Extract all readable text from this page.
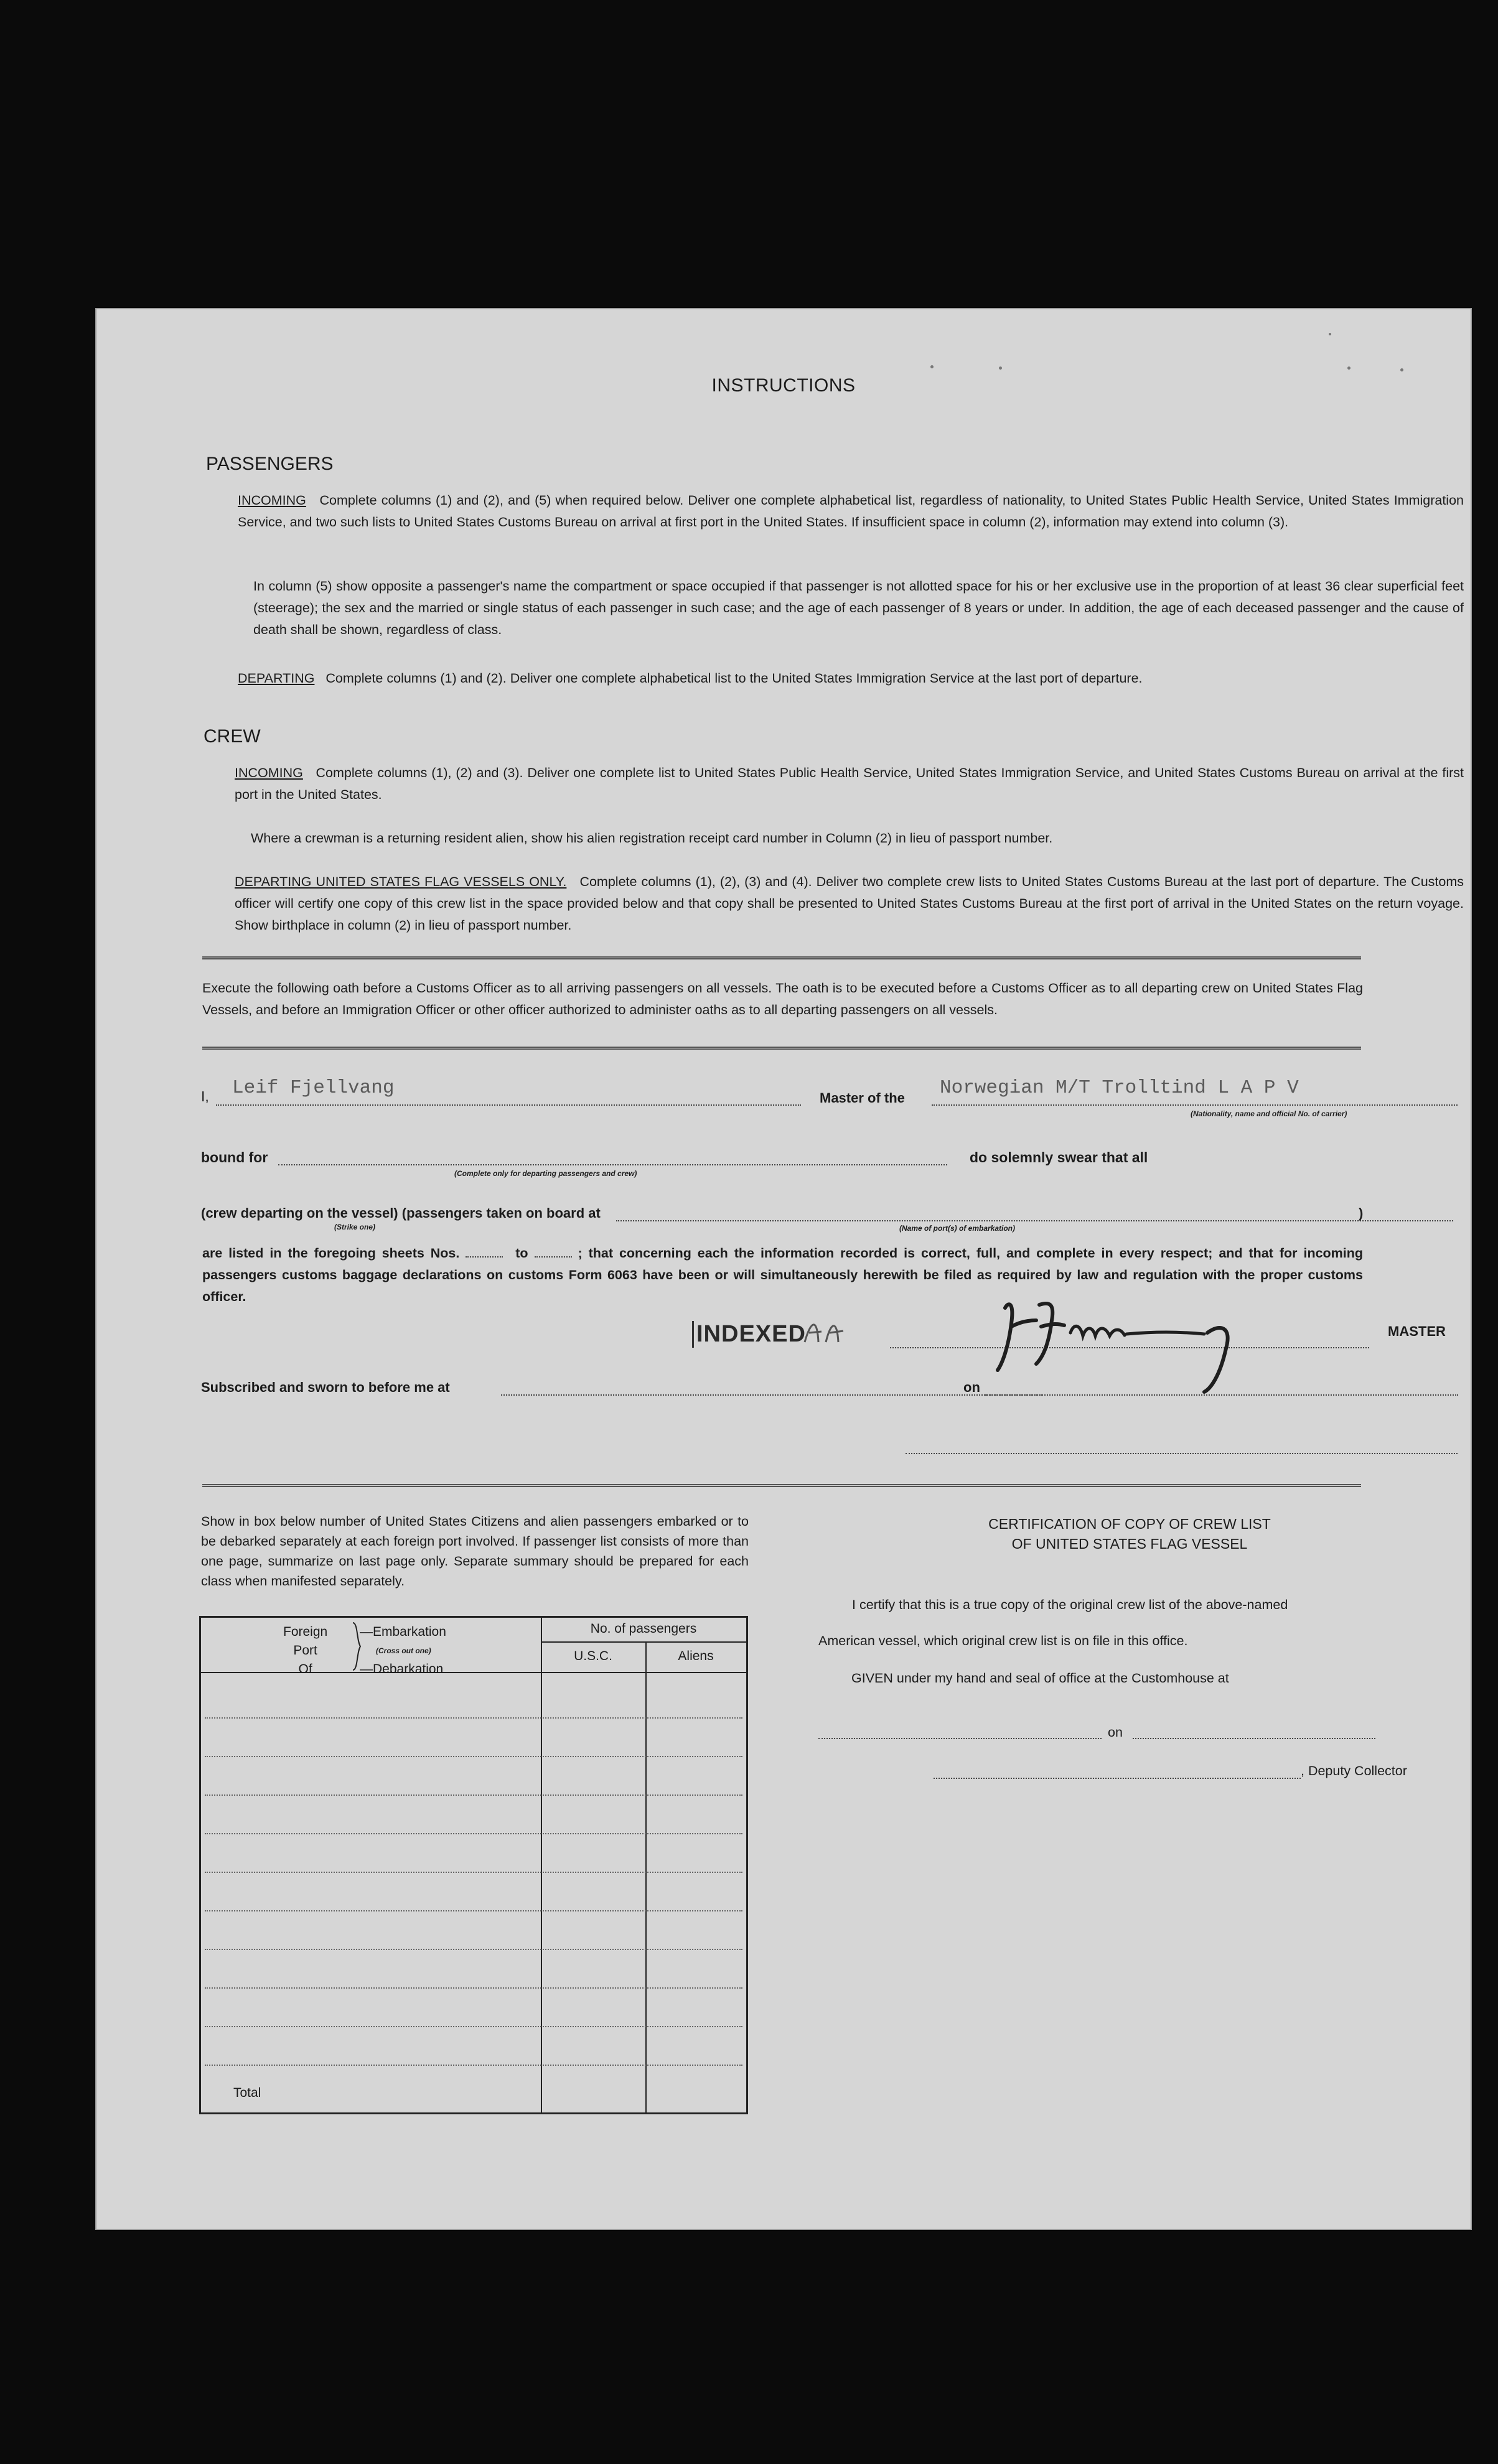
INSTRUCTIONS
PASSENGERS
INCOMING Complete columns (1) and (2), and (5) when required below. Deliver one complete alphabetical list, regardless of nationality, to United States Public Health Service, United States Immigration Service, and two such lists to United States Customs Bureau on arrival at first port in the United States. If insufficient space in column (2), information may extend into column (3).
In column (5) show opposite a passenger's name the compartment or space occupied if that passenger is not allotted space for his or her exclusive use in the proportion of at least 36 clear superficial feet (steerage); the sex and the married or single status of each passenger in such case; and the age of each passenger of 8 years or under. In addition, the age of each deceased passenger and the cause of death shall be shown, regardless of class.
DEPARTING Complete columns (1) and (2). Deliver one complete alphabetical list to the United States Immigration Service at the last port of departure.
CREW
INCOMING Complete columns (1), (2) and (3). Deliver one complete list to United States Public Health Service, United States Immigration Service, and United States Customs Bureau on arrival at the first port in the United States.
Where a crewman is a returning resident alien, show his alien registration receipt card number in Column (2) in lieu of passport number.
DEPARTING UNITED STATES FLAG VESSELS ONLY. Complete columns (1), (2), (3) and (4). Deliver two complete crew lists to United States Customs Bureau at the last port of departure. The Customs officer will certify one copy of this crew list in the space provided below and that copy shall be presented to United States Customs Bureau at the first port of arrival in the United States on the return voyage. Show birthplace in column (2) in lieu of passport number.
Execute the following oath before a Customs Officer as to all arriving passengers on all vessels. The oath is to be executed before a Customs Officer as to all departing crew on United States Flag Vessels, and before an Immigration Officer or other officer authorized to administer oaths as to all departing passengers on all vessels.
I, Leif Fjellvang	Master of the Norwegian M/T Trolltind L A P V
(Nationality, name and official No. of carrier)
bound for
(Complete only for departing passengers and crew)
do solemnly swear that all
(crew departing on the vessel) (passengers taken on board at	)
(Strike one)	(Name of port(s) of embarkation)
are listed in the foregoing sheets Nos.	to	; that concerning each the information recorded is correct, full, and complete in every respect; and that for incoming passengers customs baggage declarations on customs Form 6063 have been or will simultaneously herewith be filed as required by law and regulation with the proper customs officer.
INDEXED	MASTER
Subscribed and sworn to before me at	on
Show in box below number of United States Citizens and alien passengers embarked or to be debarked separately at each foreign port involved. If passenger list consists of more than one page, summarize on last page only. Separate summary should be prepared for each class when manifested separately.
Foreign
Port
Of
—Embarkation
(Cross out one)
—Debarkation
No. of passengers
U.S.C.	Aliens
Total
CERTIFICATION OF COPY OF CREW LIST
OF UNITED STATES FLAG VESSEL
I certify that this is a true copy of the original crew list of the above-named
American vessel, which original crew list is on file in this office.
GIVEN under my hand and seal of office at the Customhouse at
on
, Deputy Collector
